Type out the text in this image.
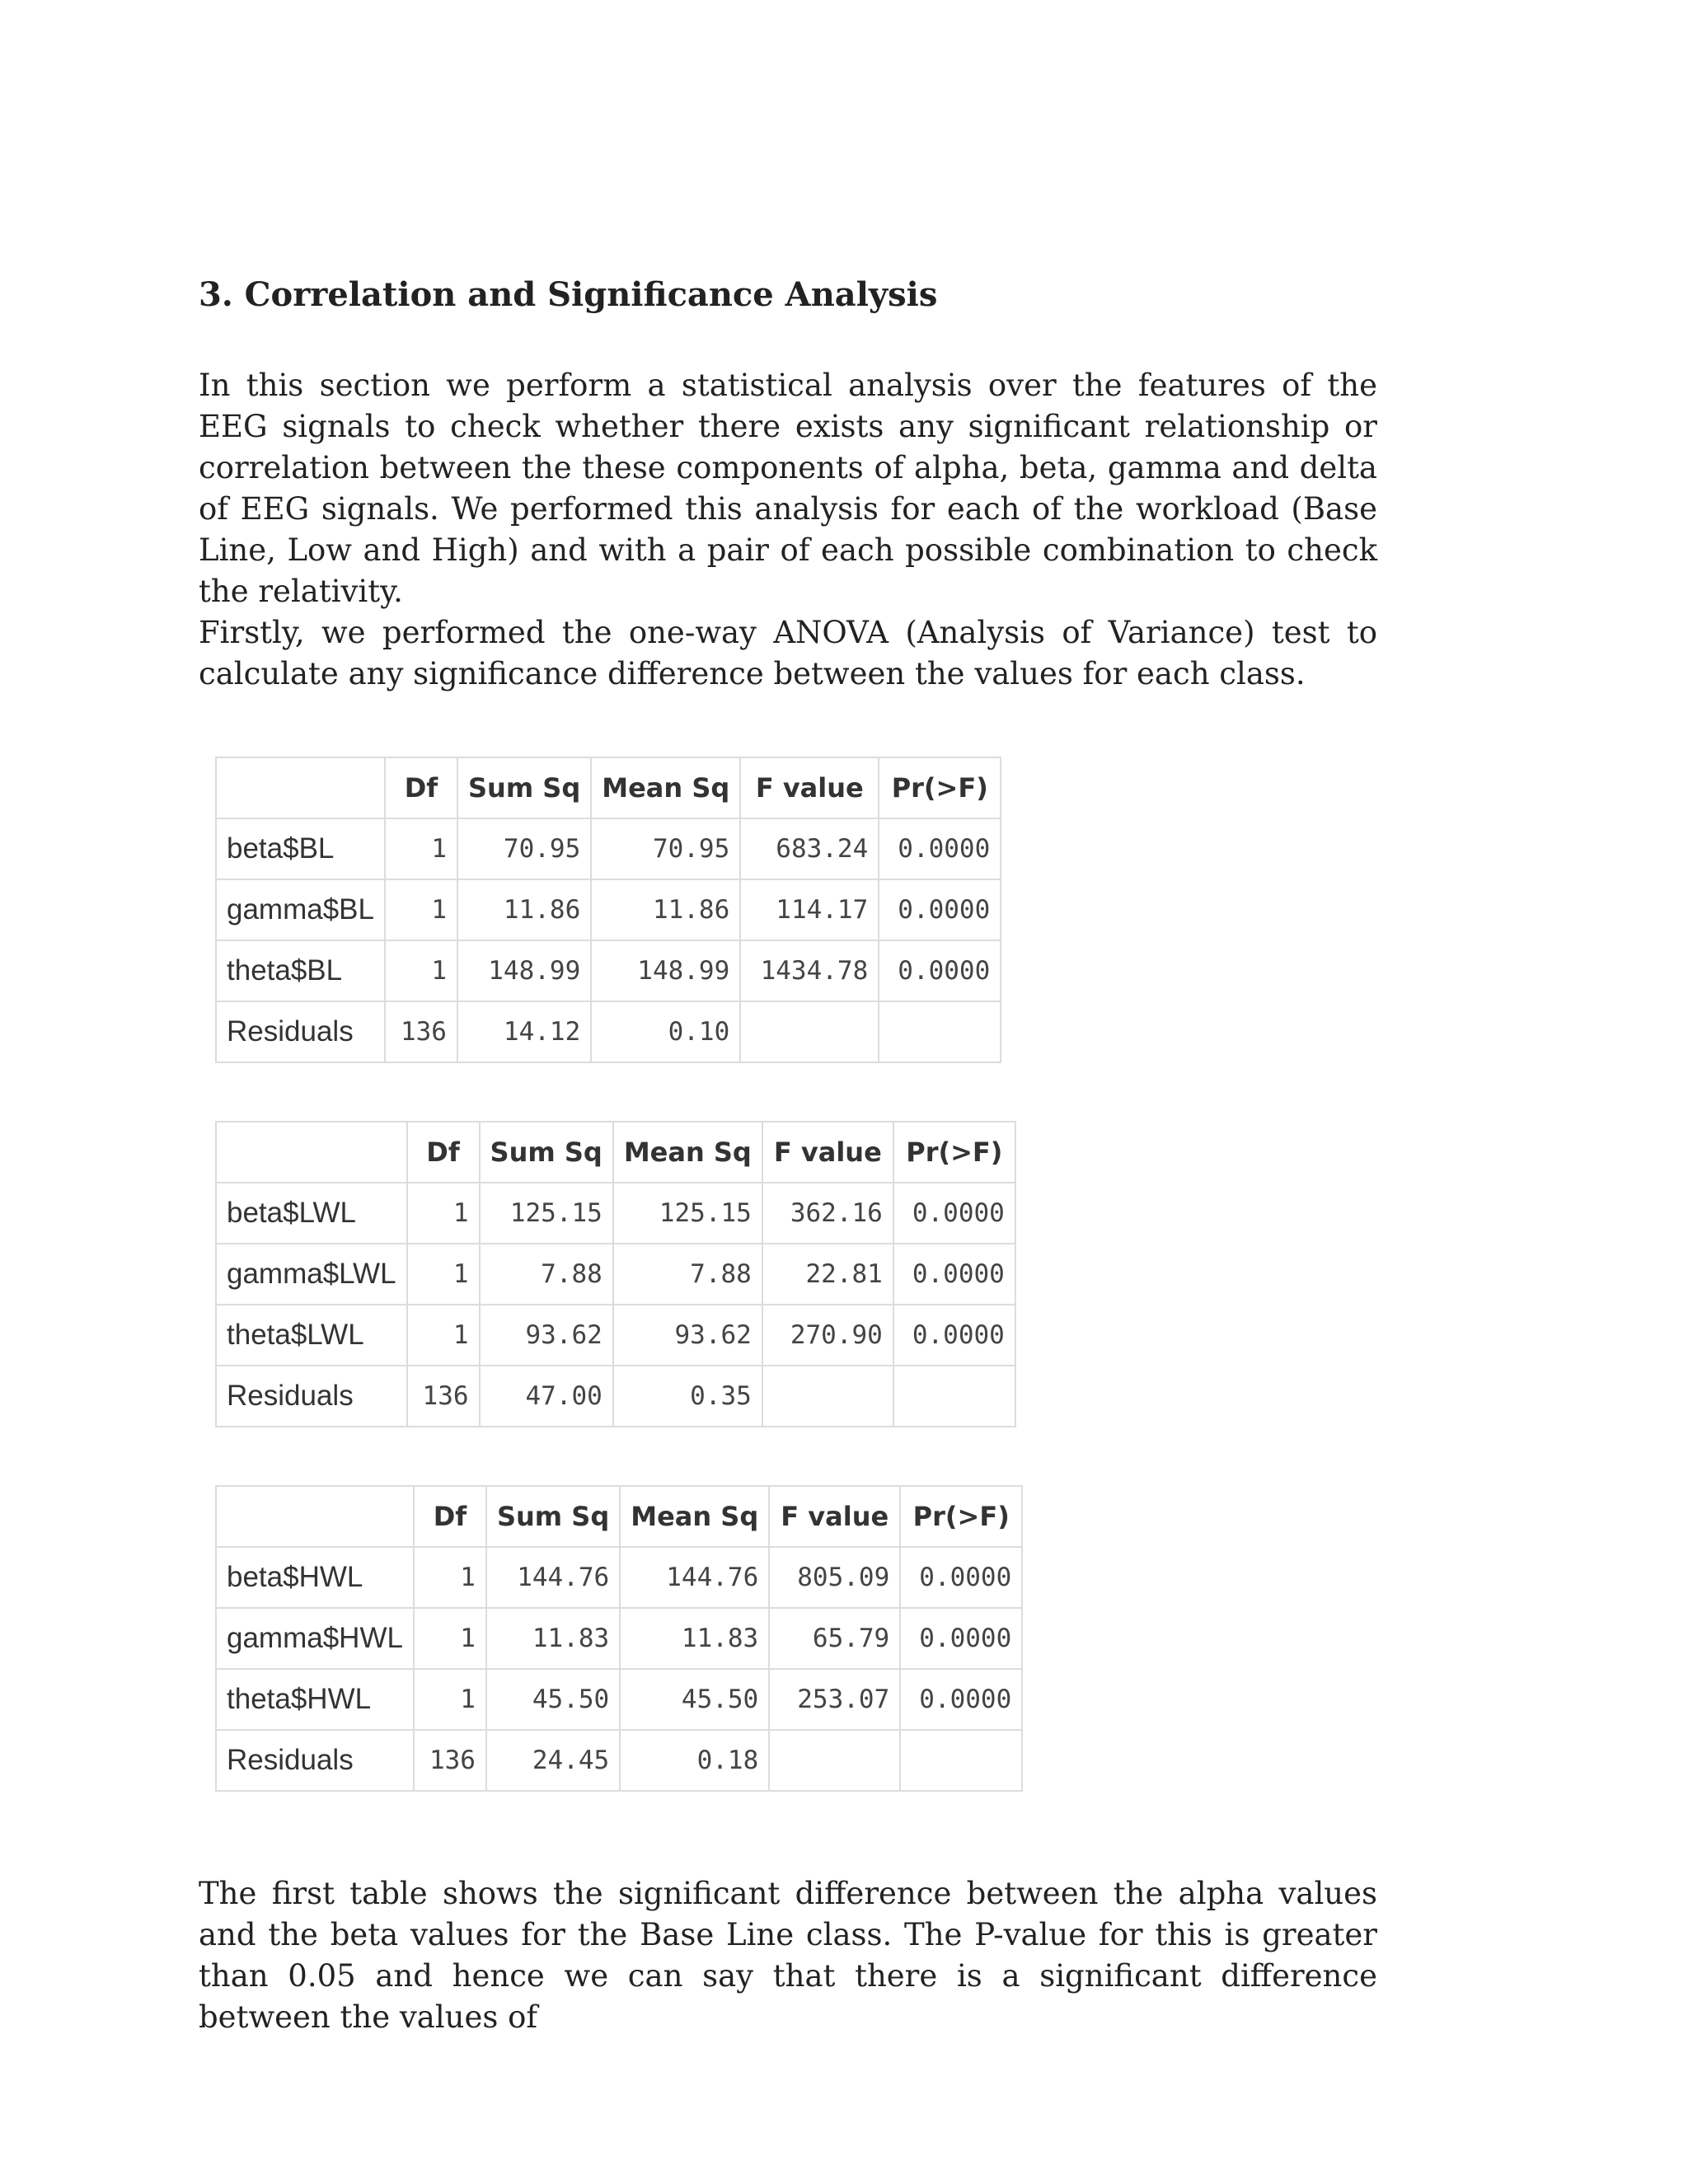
3. Correlation and Significance Analysis

In this section we perform a statistical analysis over the features of the EEG signals to check whether there exists any significant relationship or correlation between the these components of alpha, beta, gamma and delta of EEG signals. We performed this analysis for each of the workload (Base Line, Low and High) and with a pair of each possible combination to check the relativity.

Firstly, we performed the one-way ANOVA (Analysis of Variance) test to calculate any significance difference between the values for each class.

	Df	Sum Sq	Mean Sq	F value	Pr(>F)
beta$BL	1	70.95	70.95	683.24	0.0000
gamma$BL	1	11.86	11.86	114.17	0.0000
theta$BL	1	148.99	148.99	1434.78	0.0000
Residuals	136	14.12	0.10		
	Df	Sum Sq	Mean Sq	F value	Pr(>F)
beta$LWL	1	125.15	125.15	362.16	0.0000
gamma$LWL	1	7.88	7.88	22.81	0.0000
theta$LWL	1	93.62	93.62	270.90	0.0000
Residuals	136	47.00	0.35		
	Df	Sum Sq	Mean Sq	F value	Pr(>F)
beta$HWL	1	144.76	144.76	805.09	0.0000
gamma$HWL	1	11.83	11.83	65.79	0.0000
theta$HWL	1	45.50	45.50	253.07	0.0000
Residuals	136	24.45	0.18		

The first table shows the significant difference between the alpha values and the beta values for the Base Line class. The P-value for this is greater than 0.05 and hence we can say that there is a significant difference between the values of
